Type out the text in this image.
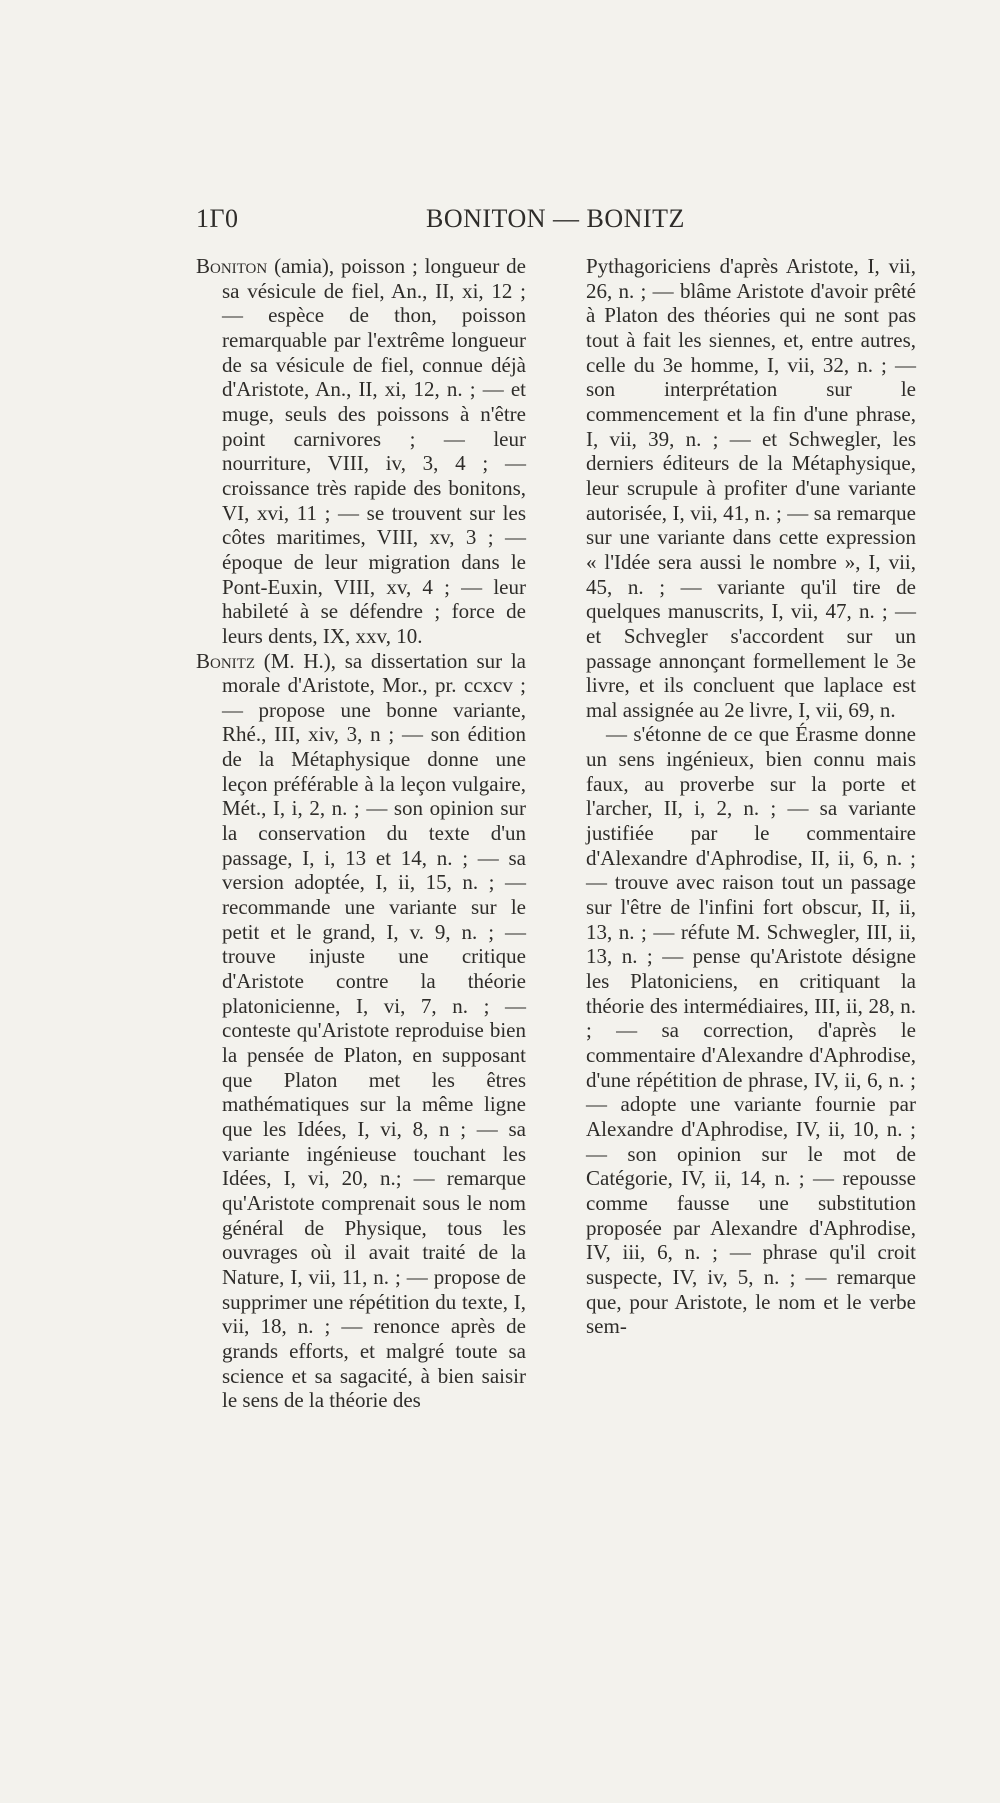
1Γ0	BONITON — BONITZ

Boniton (amia), poisson ; longueur de sa vésicule de fiel, An., II, xi, 12 ; — espèce de thon, poisson remarquable par l'extrême longueur de sa vésicule de fiel, connue déjà d'Aristote, An., II, xi, 12, n. ; — et muge, seuls des poissons à n'être point carnivores ; — leur nourriture, VIII, iv, 3, 4 ; — croissance très rapide des bonitons, VI, xvi, 11 ; — se trouvent sur les côtes maritimes, VIII, xv, 3 ; — époque de leur migration dans le Pont-Euxin, VIII, xv, 4 ; — leur habileté à se défendre ; force de leurs dents, IX, xxv, 10.

Bonitz (M. H.), sa dissertation sur la morale d'Aristote, Mor., pr. ccxcv ; — propose une bonne variante, Rhé., III, xiv, 3, n ; — son édition de la Métaphysique donne une leçon préférable à la leçon vulgaire, Mét., I, i, 2, n. ; — son opinion sur la conservation du texte d'un passage, I, i, 13 et 14, n. ; — sa version adoptée, I, ii, 15, n. ; — recommande une variante sur le petit et le grand, I, v. 9, n. ; — trouve injuste une critique d'Aristote contre la théorie platonicienne, I, vi, 7, n. ; — conteste qu'Aristote reproduise bien la pensée de Platon, en supposant que Platon met les êtres mathématiques sur la même ligne que les Idées, I, vi, 8, n ; — sa variante ingénieuse touchant les Idées, I, vi, 20, n.; — remarque qu'Aristote comprenait sous le nom général de Physique, tous les ouvrages où il avait traité de la Nature, I, vii, 11, n. ; — propose de supprimer une répétition du texte, I, vii, 18, n. ; — renonce après de grands efforts, et malgré toute sa science et sa sagacité, à bien saisir le sens de la théorie des

Pythagoriciens d'après Aristote, I, vii, 26, n. ; — blâme Aristote d'avoir prêté à Platon des théories qui ne sont pas tout à fait les siennes, et, entre autres, celle du 3e homme, I, vii, 32, n. ; — son interprétation sur le commencement et la fin d'une phrase, I, vii, 39, n. ; — et Schwegler, les derniers éditeurs de la Métaphysique, leur scrupule à profiter d'une variante autorisée, I, vii, 41, n. ; — sa remarque sur une variante dans cette expression « l'Idée sera aussi le nombre », I, vii, 45, n. ; — variante qu'il tire de quelques manuscrits, I, vii, 47, n. ; — et Schvegler s'accordent sur un passage annonçant formellement le 3e livre, et ils concluent que laplace est mal assignée au 2e livre, I, vii, 69, n.

— s'étonne de ce que Érasme donne un sens ingénieux, bien connu mais faux, au proverbe sur la porte et l'archer, II, i, 2, n. ; — sa variante justifiée par le commentaire d'Alexandre d'Aphrodise, II, ii, 6, n. ; — trouve avec raison tout un passage sur l'être de l'infini fort obscur, II, ii, 13, n. ; — réfute M. Schwegler, III, ii, 13, n. ; — pense qu'Aristote désigne les Platoniciens, en critiquant la théorie des intermédiaires, III, ii, 28, n. ; — sa correction, d'après le commentaire d'Alexandre d'Aphrodise, d'une répétition de phrase, IV, ii, 6, n. ; — adopte une variante fournie par Alexandre d'Aphrodise, IV, ii, 10, n. ; — son opinion sur le mot de Catégorie, IV, ii, 14, n. ; — repousse comme fausse une substitution proposée par Alexandre d'Aphrodise, IV, iii, 6, n. ; — phrase qu'il croit suspecte, IV, iv, 5, n. ; — remarque que, pour Aristote, le nom et le verbe sem-
